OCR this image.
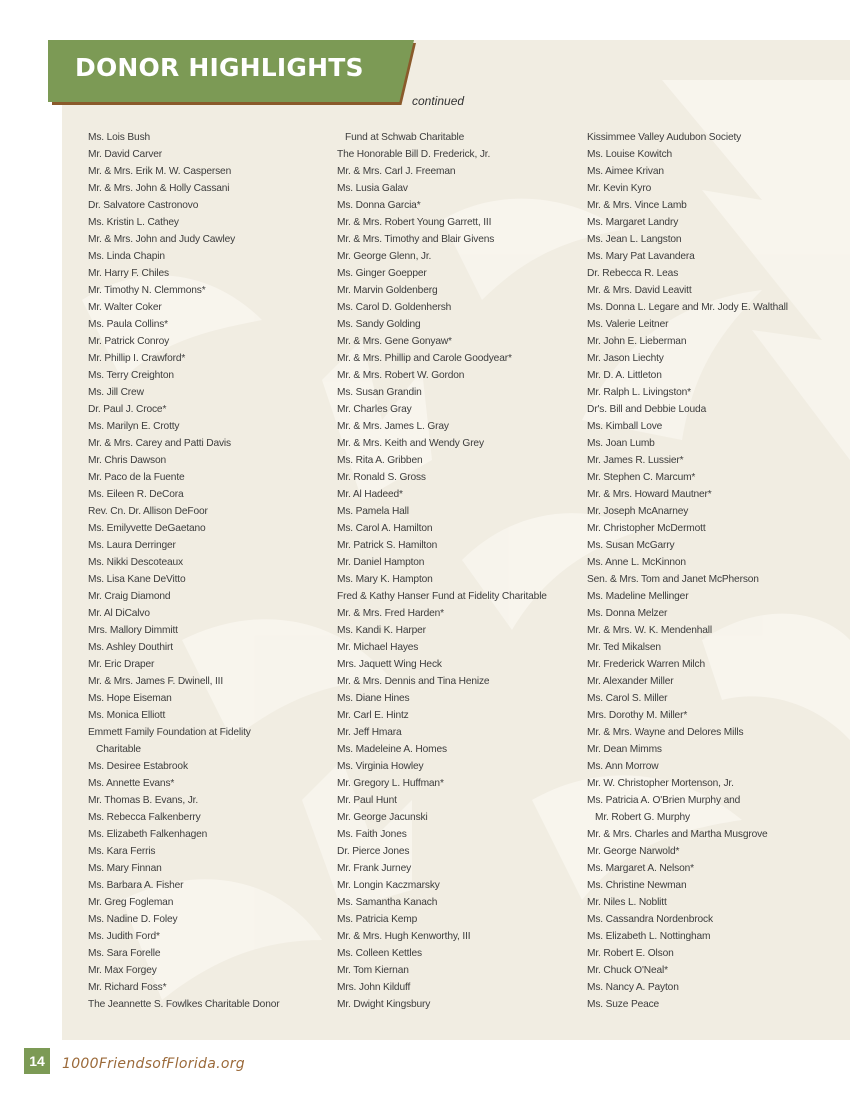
DONOR HIGHLIGHTS
continued
Ms. Lois Bush
Mr. David Carver
Mr. & Mrs. Erik M. W. Caspersen
Mr. & Mrs. John & Holly Cassani
Dr. Salvatore Castronovo
Ms. Kristin L. Cathey
Mr. & Mrs. John and Judy Cawley
Ms. Linda Chapin
Mr. Harry F. Chiles
Mr. Timothy N. Clemmons*
Mr. Walter Coker
Ms. Paula Collins*
Mr. Patrick Conroy
Mr. Phillip I. Crawford*
Ms. Terry Creighton
Ms. Jill Crew
Dr. Paul J. Croce*
Ms. Marilyn E. Crotty
Mr. & Mrs. Carey and Patti Davis
Mr. Chris Dawson
Mr. Paco de la Fuente
Ms. Eileen R. DeCora
Rev. Cn. Dr. Allison DeFoor
Ms. Emilyvette DeGaetano
Ms. Laura Derringer
Ms. Nikki Descoteaux
Ms. Lisa Kane DeVitto
Mr. Craig Diamond
Mr. Al DiCalvo
Mrs. Mallory Dimmitt
Ms. Ashley Douthirt
Mr. Eric Draper
Mr. & Mrs. James F. Dwinell, III
Ms. Hope Eiseman
Ms. Monica Elliott
Emmett Family Foundation at Fidelity
Charitable
Ms. Desiree Estabrook
Ms. Annette Evans*
Mr. Thomas B. Evans, Jr.
Ms. Rebecca Falkenberry
Ms. Elizabeth Falkenhagen
Ms. Kara Ferris
Ms. Mary Finnan
Ms. Barbara A. Fisher
Mr. Greg Fogleman
Ms. Nadine D. Foley
Ms. Judith Ford*
Ms. Sara Forelle
Mr. Max Forgey
Mr. Richard Foss*
The Jeannette S. Fowlkes Charitable Donor
Fund at Schwab Charitable
The Honorable Bill D. Frederick, Jr.
Mr. & Mrs. Carl J. Freeman
Ms. Lusia Galav
Ms. Donna Garcia*
Mr. & Mrs. Robert Young Garrett, III
Mr. & Mrs. Timothy and Blair Givens
Mr. George Glenn, Jr.
Ms. Ginger Goepper
Mr. Marvin Goldenberg
Ms. Carol D. Goldenhersh
Ms. Sandy Golding
Mr. & Mrs. Gene Gonyaw*
Mr. & Mrs. Phillip and Carole Goodyear*
Mr. & Mrs. Robert W. Gordon
Ms. Susan Grandin
Mr. Charles Gray
Mr. & Mrs. James L. Gray
Mr. & Mrs. Keith and Wendy Grey
Ms. Rita A. Gribben
Mr. Ronald S. Gross
Mr. Al Hadeed*
Ms. Pamela Hall
Ms. Carol A. Hamilton
Mr. Patrick S. Hamilton
Mr. Daniel Hampton
Ms. Mary K. Hampton
Fred & Kathy Hanser Fund at Fidelity Charitable
Mr. & Mrs. Fred Harden*
Ms. Kandi K. Harper
Mr. Michael Hayes
Mrs. Jaquett Wing Heck
Mr. & Mrs. Dennis and Tina Henize
Ms. Diane Hines
Mr. Carl E. Hintz
Mr. Jeff Hmara
Ms. Madeleine A. Homes
Ms. Virginia Howley
Mr. Gregory L. Huffman*
Mr. Paul Hunt
Mr. George Jacunski
Ms. Faith Jones
Dr. Pierce Jones
Mr. Frank Jurney
Mr. Longin Kaczmarsky
Ms. Samantha Kanach
Ms. Patricia Kemp
Mr. & Mrs. Hugh Kenworthy, III
Ms. Colleen Kettles
Mr. Tom Kiernan
Mrs. John Kilduff
Mr. Dwight Kingsbury
Kissimmee Valley Audubon Society
Ms. Louise Kowitch
Ms. Aimee Krivan
Mr. Kevin Kyro
Mr. & Mrs. Vince Lamb
Ms. Margaret Landry
Ms. Jean L. Langston
Ms. Mary Pat Lavandera
Dr. Rebecca R. Leas
Mr. & Mrs. David Leavitt
Ms. Donna L. Legare and Mr. Jody E. Walthall
Ms. Valerie Leitner
Mr. John E. Lieberman
Mr. Jason Liechty
Mr. D. A. Littleton
Mr. Ralph L. Livingston*
Dr's. Bill and Debbie Louda
Ms. Kimball Love
Ms. Joan Lumb
Mr. James R. Lussier*
Mr. Stephen C. Marcum*
Mr. & Mrs. Howard Mautner*
Mr. Joseph McAnarney
Mr. Christopher McDermott
Ms. Susan McGarry
Ms. Anne L. McKinnon
Sen. & Mrs. Tom and Janet McPherson
Ms. Madeline Mellinger
Ms. Donna Melzer
Mr. & Mrs. W. K. Mendenhall
Mr. Ted Mikalsen
Mr. Frederick Warren Milch
Mr. Alexander Miller
Ms. Carol S. Miller
Mrs. Dorothy M. Miller*
Mr. & Mrs. Wayne and Delores Mills
Mr. Dean Mimms
Ms. Ann Morrow
Mr. W. Christopher Mortenson, Jr.
Ms. Patricia A. O'Brien Murphy and
Mr. Robert G. Murphy
Mr. & Mrs. Charles and Martha Musgrove
Mr. George Narwold*
Ms. Margaret A. Nelson*
Ms. Christine Newman
Mr. Niles L. Noblitt
Ms. Cassandra Nordenbrock
Ms. Elizabeth L. Nottingham
Mr. Robert E. Olson
Mr. Chuck O'Neal*
Ms. Nancy A. Payton
Ms. Suze Peace
14	1000FriendsofFlorida.org
